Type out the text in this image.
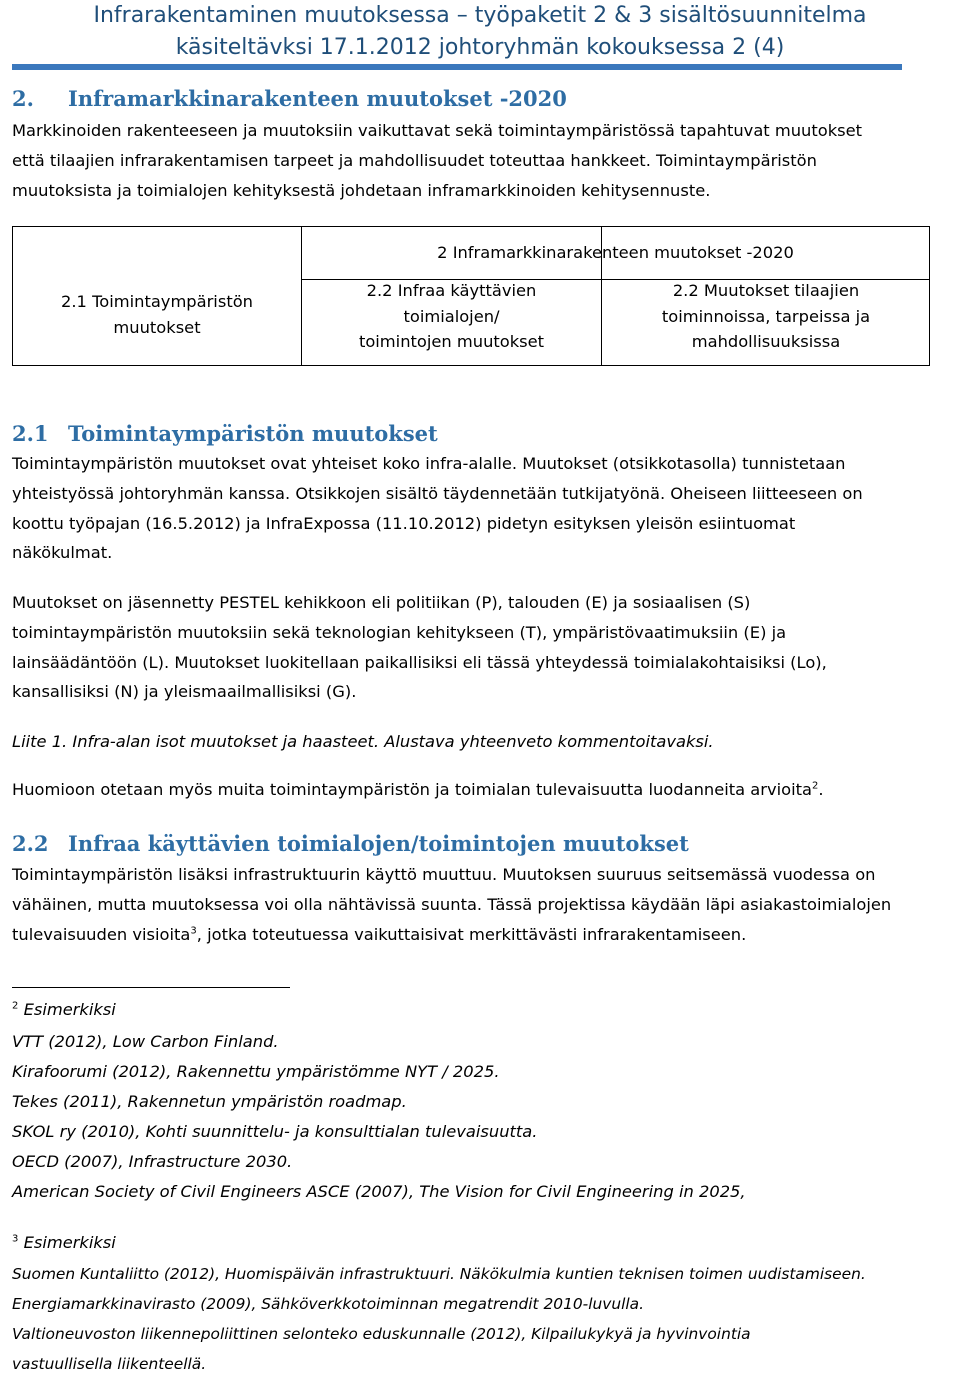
Infrarakentaminen muutoksessa – työpaketit 2 & 3 sisältösuunnitelma
käsiteltävksi 17.1.2012 johtoryhmän kokouksessa 2 (4)
2. Inframarkkinarakenteen muutokset -2020
Markkinoiden rakenteeseen ja muutoksiin vaikuttavat sekä toimintaympäristössä tapahtuvat muutokset
että tilaajien infrarakentamisen tarpeet ja mahdollisuudet toteuttaa hankkeet. Toimintaympäristön
muutoksista ja toimialojen kehityksestä johdetaan inframarkkinoiden kehitysennuste.
2 Inframarkkinarakenteen muutokset -2020
2.1 Toimintaympäristön
muutokset
2.2 Infraa käyttävien
toimialojen/
toimintojen muutokset
2.2 Muutokset tilaajien
toiminnoissa, tarpeissa ja
mahdollisuuksissa
2.1 Toimintaympäristön muutokset
Toimintaympäristön muutokset ovat yhteiset koko infra-alalle. Muutokset (otsikkotasolla) tunnistetaan
yhteistyössä johtoryhmän kanssa. Otsikkojen sisältö täydennetään tutkijatyönä. Oheiseen liitteeseen on
koottu työpajan (16.5.2012) ja InfraExpossa (11.10.2012) pidetyn esityksen yleisön esiintuomat
näkökulmat.
Muutokset on jäsennetty PESTEL kehikkoon eli politiikan (P), talouden (E) ja sosiaalisen (S)
toimintaympäristön muutoksiin sekä teknologian kehitykseen (T), ympäristövaatimuksiin (E) ja
lainsäädäntöön (L). Muutokset luokitellaan paikallisiksi eli tässä yhteydessä toimialakohtaisiksi (Lo),
kansallisiksi (N) ja yleismaailmallisiksi (G).
Liite 1. Infra-alan isot muutokset ja haasteet. Alustava yhteenveto kommentoitavaksi.
Huomioon otetaan myös muita toimintaympäristön ja toimialan tulevaisuutta luodanneita arvioita$^2$.
2.2 Infraa käyttävien toimialojen/toimintojen muutokset
Toimintaympäristön lisäksi infrastruktuurin käyttö muuttuu. Muutoksen suuruus seitsemässä vuodessa on
vähäinen, mutta muutoksessa voi olla nähtävissä suunta. Tässä projektissa käydään läpi asiakastoimialojen
tulevaisuuden visioita$^3$, jotka toteutuessa vaikuttaisivat merkittävästi infrarakentamiseen.
$^2$ Esimerkiksi
VTT (2012), Low Carbon Finland.
Kirafoorumi (2012), Rakennettu ympäristömme NYT / 2025.
Tekes (2011), Rakennetun ympäristön roadmap.
SKOL ry (2010), Kohti suunnittelu- ja konsulttialan tulevaisuutta.
OECD (2007), Infrastructure 2030.
American Society of Civil Engineers ASCE (2007), The Vision for Civil Engineering in 2025,
$^3$ Esimerkiksi
Suomen Kuntaliitto (2012), Huomispäivän infrastruktuuri. Näkökulmia kuntien teknisen toimen uudistamiseen.
Energiamarkkinavirasto (2009), Sähköverkkotoiminnan megatrendit 2010-luvulla.
Valtioneuvoston liikennepoliittinen selonteko eduskunnalle (2012), Kilpailukykyä ja hyvinvointia
vastuullisella liikenteellä.
